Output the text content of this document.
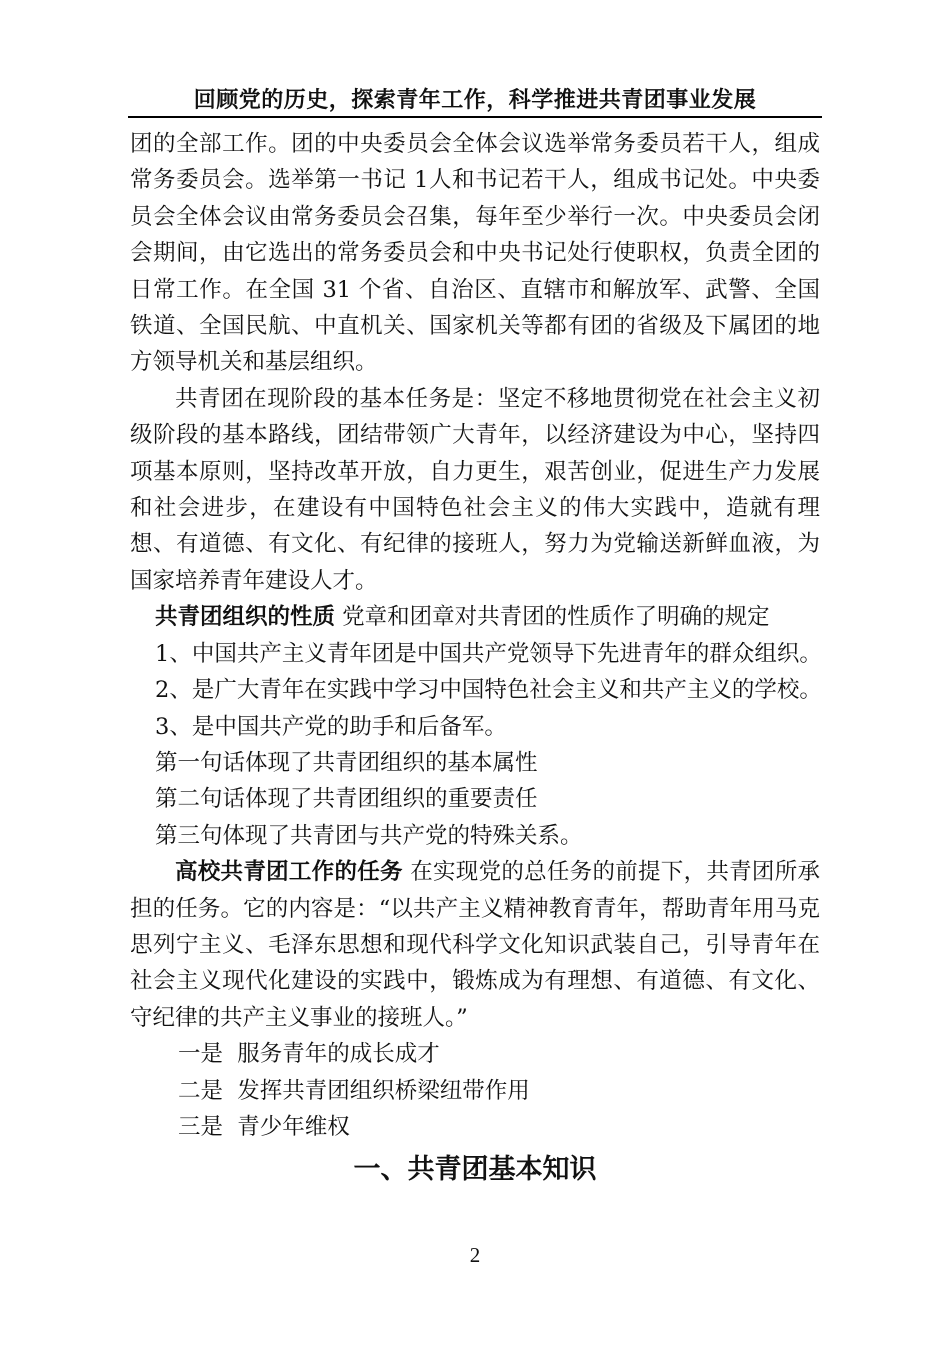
回顾党的历史，探索青年工作，科学推进共青团事业发展

团的全部工作。团的中央委员会全体会议选举常务委员若干人，组成常务委员会。选举第一书记 1人和书记若干人，组成书记处。中央委员会全体会议由常务委员会召集，每年至少举行一次。中央委员会闭会期间，由它选出的常务委员会和中央书记处行使职权，负责全团的日常工作。在全国 31 个省、自治区、直辖市和解放军、武警、全国铁道、全国民航、中直机关、国家机关等都有团的省级及下属团的地方领导机关和基层组织。

共青团在现阶段的基本任务是：坚定不移地贯彻党在社会主义初级阶段的基本路线，团结带领广大青年，以经济建设为中心，坚持四项基本原则，坚持改革开放，自力更生，艰苦创业，促进生产力发展和社会进步，在建设有中国特色社会主义的伟大实践中，造就有理想、有道德、有文化、有纪律的接班人，努力为党输送新鲜血液，为国家培养青年建设人才。

共青团组织的性质 党章和团章对共青团的性质作了明确的规定

1、中国共产主义青年团是中国共产党领导下先进青年的群众组织。

2、是广大青年在实践中学习中国特色社会主义和共产主义的学校。

3、是中国共产党的助手和后备军。

第一句话体现了共青团组织的基本属性

第二句话体现了共青团组织的重要责任

第三句体现了共青团与共产党的特殊关系。

高校共青团工作的任务 在实现党的总任务的前提下，共青团所承担的任务。它的内容是：“以共产主义精神教育青年，帮助青年用马克思列宁主义、毛泽东思想和现代科学文化知识武装自己，引导青年在社会主义现代化建设的实践中，锻炼成为有理想、有道德、有文化、守纪律的共产主义事业的接班人。”

一是  服务青年的成长成才

二是  发挥共青团组织桥梁纽带作用

三是  青少年维权

一、共青团基本知识
2
